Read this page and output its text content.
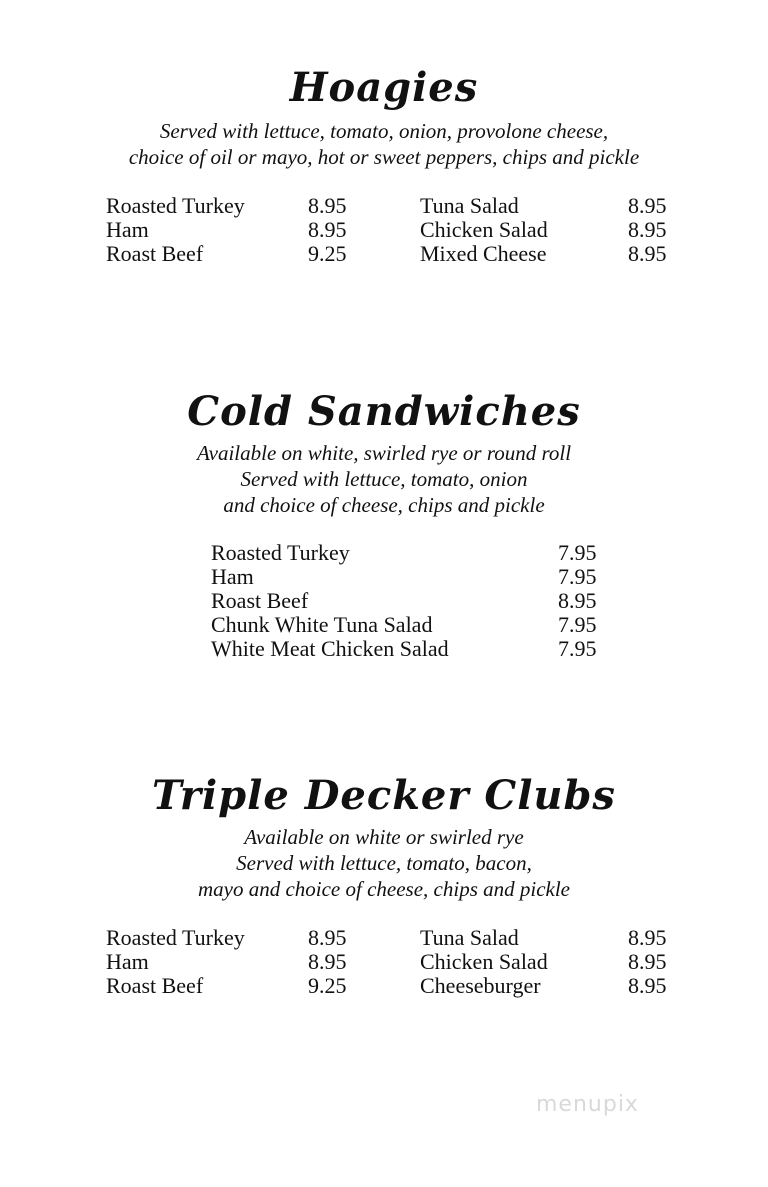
Hoagies
Served with lettuce, tomato, onion, provolone cheese,
choice of oil or mayo, hot or sweet peppers, chips and pickle
Roasted Turkey	8.95
Ham	8.95
Roast Beef	9.25
Tuna Salad	8.95
Chicken Salad	8.95
Mixed Cheese	8.95
Cold Sandwiches
Available on white, swirled rye or round roll
Served with lettuce, tomato, onion
and choice of cheese, chips and pickle
Roasted Turkey	7.95
Ham	7.95
Roast Beef	8.95
Chunk White Tuna Salad	7.95
White Meat Chicken Salad	7.95
Triple Decker Clubs
Available on white or swirled rye
Served with lettuce, tomato, bacon,
mayo and choice of cheese, chips and pickle
Roasted Turkey	8.95
Ham	8.95
Roast Beef	9.25
Tuna Salad	8.95
Chicken Salad	8.95
Cheeseburger	8.95
menupix
